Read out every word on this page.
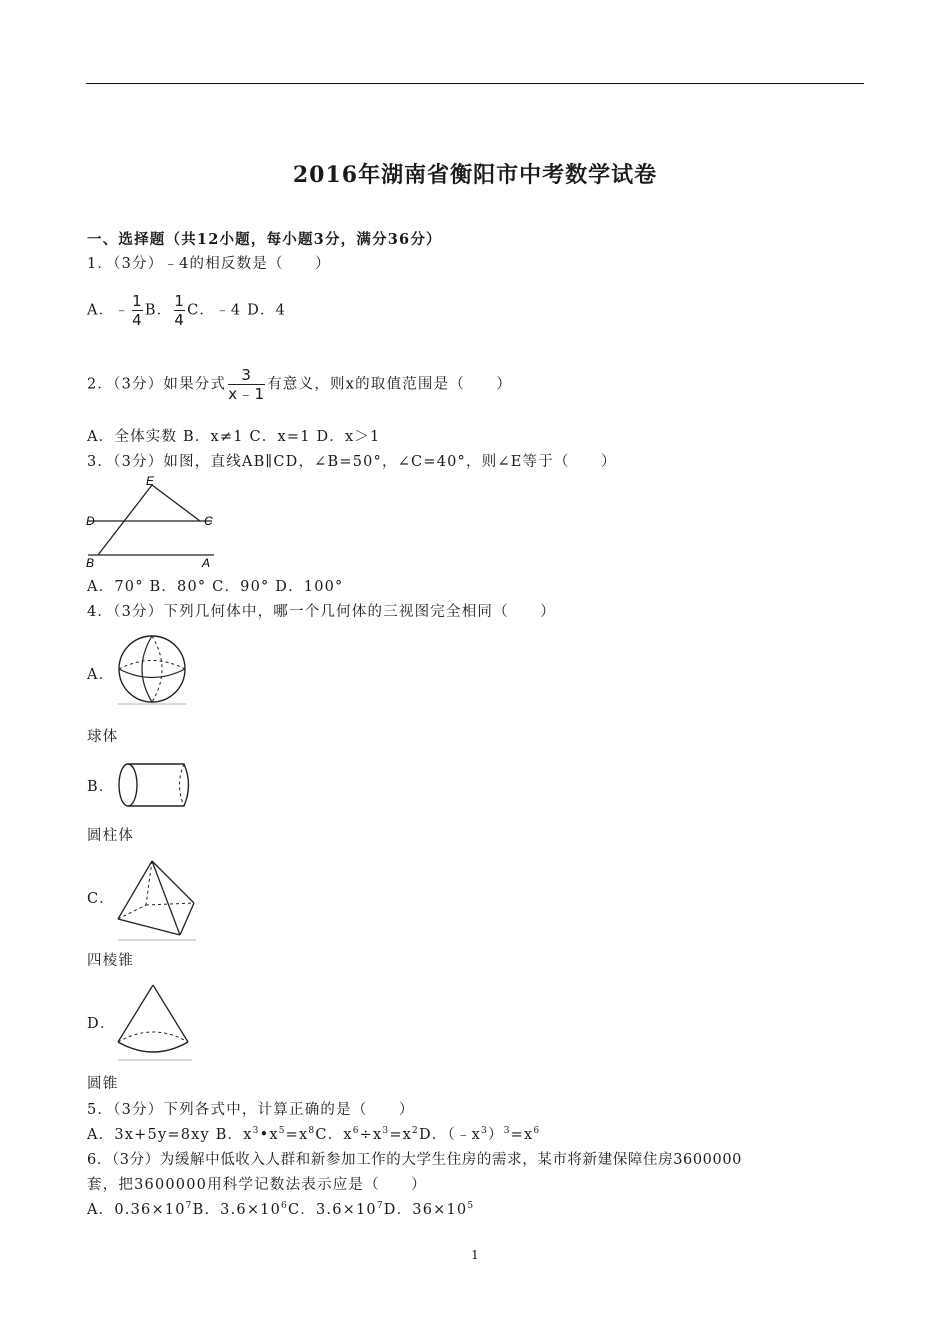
2016年湖南省衡阳市中考数学试卷
一、选择题（共12小题，每小题3分，满分36分）
1．（3分）﹣4的相反数是（　　）
A．﹣ $\frac{1}{4}$ B． $\frac{1}{4}$ C．﹣4 D．4
2．（3分）如果分式 $\frac{3}{x﹣1}$ 有意义，则x的取值范围是（　　）
A．全体实数 B．x≠1 C．x=1 D．x＞1
3．（3分）如图，直线AB∥CD，∠B=50°，∠C=40°，则∠E等于（　　）
E
D	C
B	A
A．70° B．80° C．90° D．100°
4．（3分）下列几何体中，哪一个几何体的三视图完全相同（　　）
A．
球体
B．
圆柱体
C．
四棱锥
D．
圆锥
5．（3分）下列各式中，计算正确的是（　　）
A．3x+5y=8xy B．$x^3•x^5=x^8C$．$x^6\div x^3=x^2D$．$(﹣x^3)^3=x^6$
6．（3分）为缓解中低收入人群和新参加工作的大学生住房的需求，某市将新建保障住房3600000
套，把3600000用科学记数法表示应是（　　）
A．$0.36\times 10^7B$．$3.6\times 10^6C$．$3.6\times 10^7D$．$36\times 10^5$
1
